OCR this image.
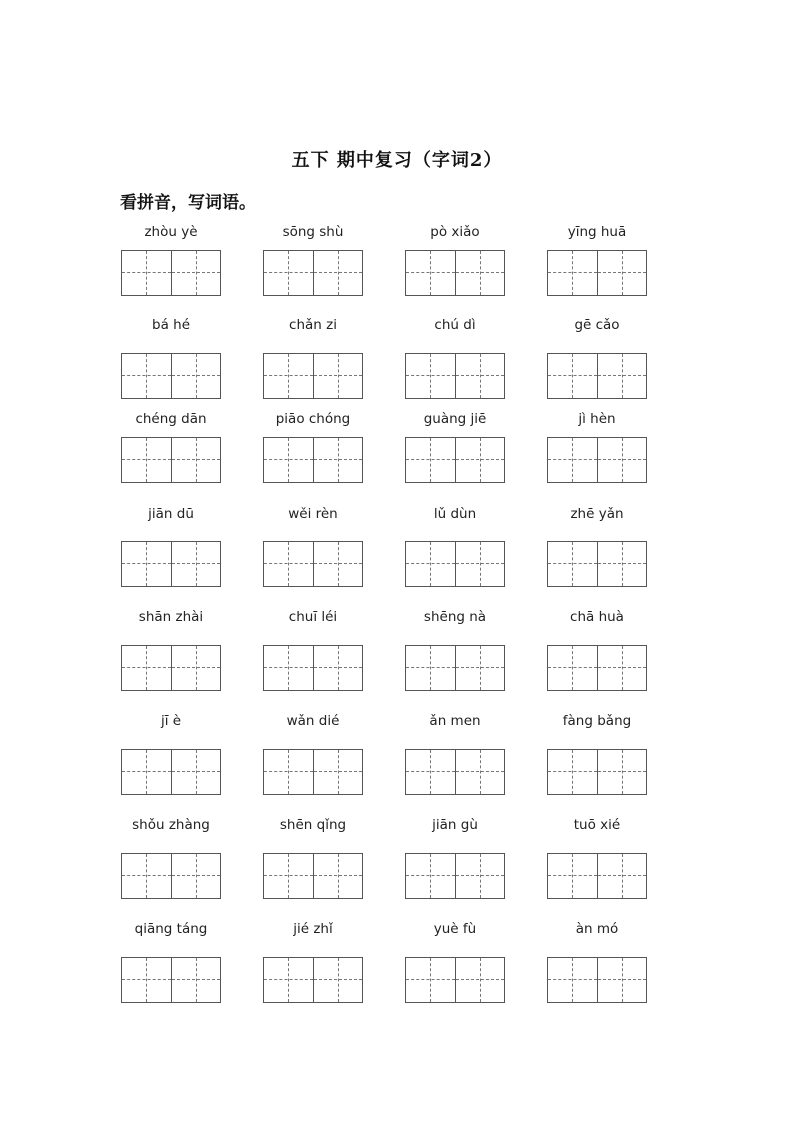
五下 期中复习（字词2）
看拼音，写词语。
zhòu yè	sōng shù	pò xiǎo	yīng huā
bá hé	chǎn zi	chú dì	gē cǎo
chéng dān	piāo chóng	guàng jiē	jì hèn
jiān dū	wěi rèn	lǔ dùn	zhē yǎn
shān zhài	chuī léi	shēng nà	chā huà
jī è	wǎn dié	ǎn men	fàng bǎng
shǒu zhàng	shēn qǐng	jiān gù	tuō xié
qiāng táng	jié zhǐ	yuè fù	àn mó
